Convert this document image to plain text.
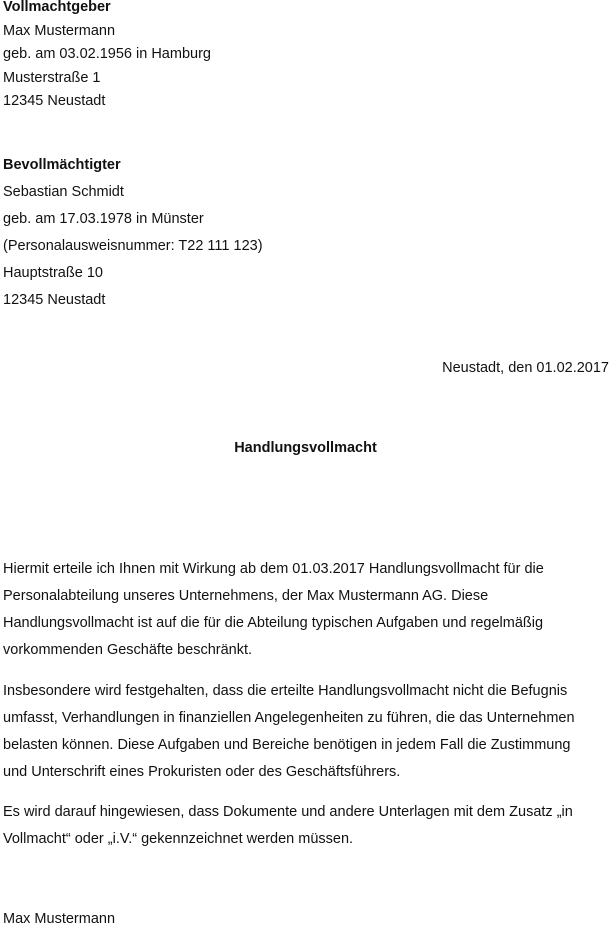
Vollmachtgeber
Max Mustermann
geb. am 03.02.1956 in Hamburg
Musterstraße 1
12345 Neustadt
Bevollmächtigter
Sebastian Schmidt
geb. am 17.03.1978 in Münster
(Personalausweisnummer: T22 111 123)
Hauptstraße 10
12345 Neustadt
Neustadt, den 01.02.2017
Handlungsvollmacht
Hiermit erteile ich Ihnen mit Wirkung ab dem 01.03.2017 Handlungsvollmacht für die
Personalabteilung unseres Unternehmens, der Max Mustermann AG. Diese
Handlungsvollmacht ist auf die für die Abteilung typischen Aufgaben und regelmäßig
vorkommenden Geschäfte beschränkt.
Insbesondere wird festgehalten, dass die erteilte Handlungsvollmacht nicht die Befugnis
umfasst, Verhandlungen in finanziellen Angelegenheiten zu führen, die das Unternehmen
belasten können. Diese Aufgaben und Bereiche benötigen in jedem Fall die Zustimmung
und Unterschrift eines Prokuristen oder des Geschäftsführers.
Es wird darauf hingewiesen, dass Dokumente und andere Unterlagen mit dem Zusatz „in
Vollmacht“ oder „i.V.“ gekennzeichnet werden müssen.
Max Mustermann
